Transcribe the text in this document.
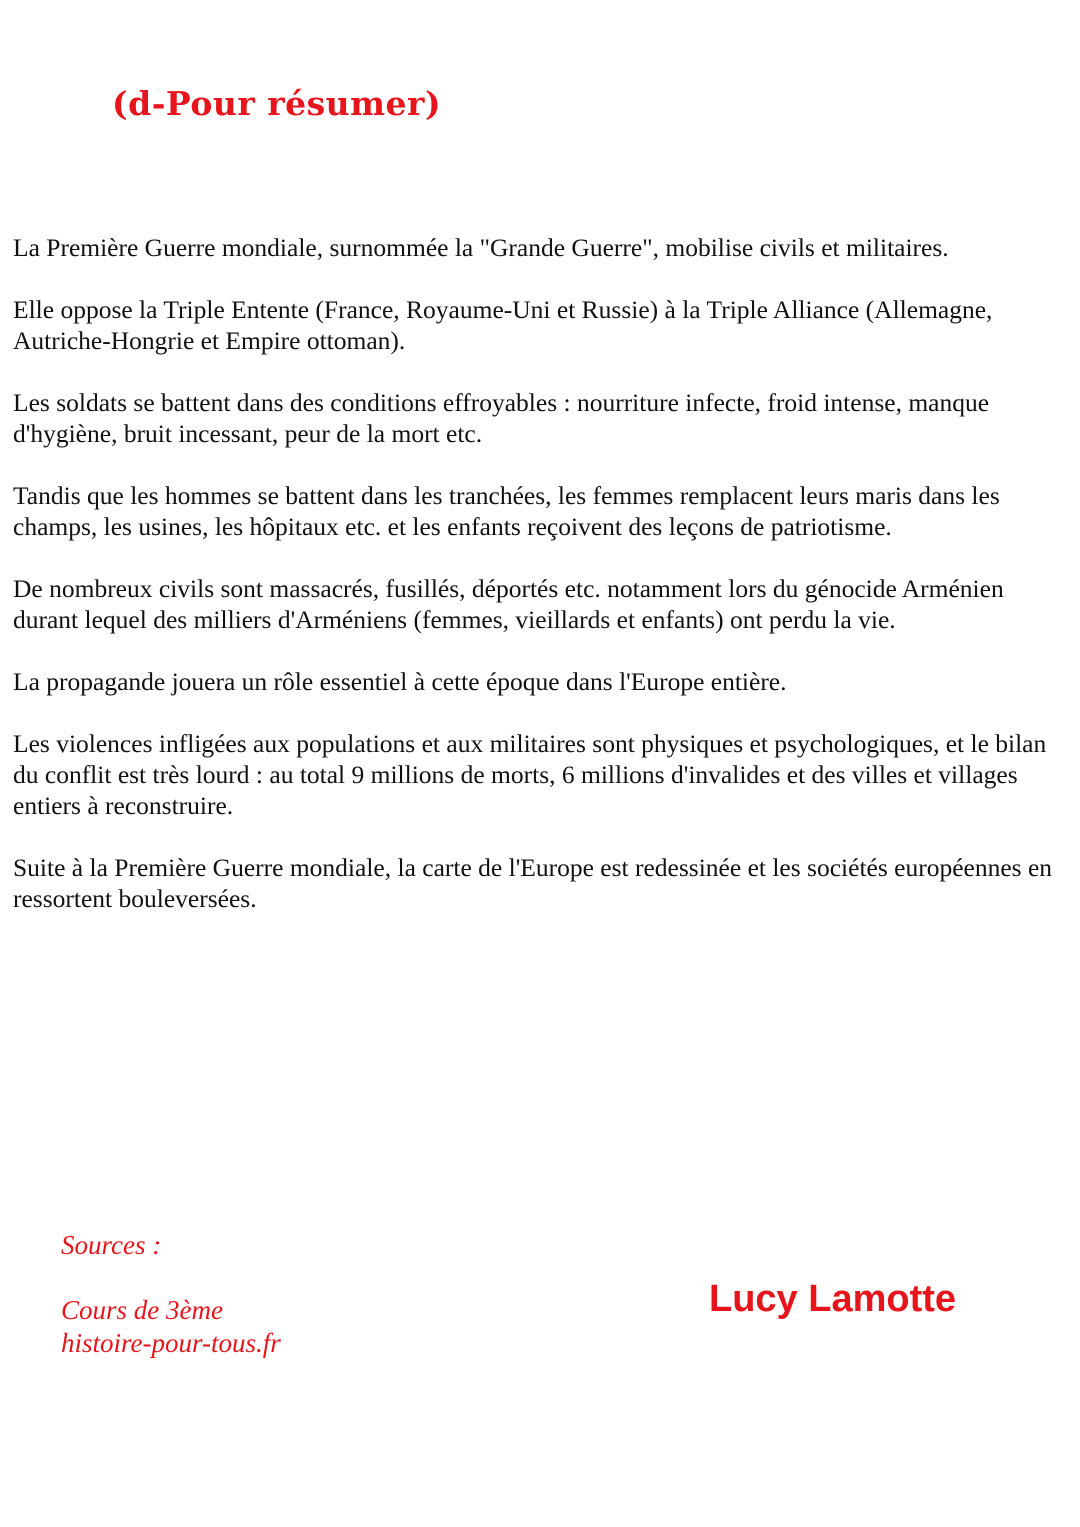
(d-Pour résumer)

La Première Guerre mondiale, surnommée la "Grande Guerre", mobilise civils et militaires.

Elle oppose la Triple Entente (France, Royaume-Uni et Russie) à la Triple Alliance (Allemagne, Autriche-Hongrie et Empire ottoman).

Les soldats se battent dans des conditions effroyables : nourriture infecte, froid intense, manque d'hygiène, bruit incessant, peur de la mort etc.

Tandis que les hommes se battent dans les tranchées, les femmes remplacent leurs maris dans les champs, les usines, les hôpitaux etc. et les enfants reçoivent des leçons de patriotisme.

De nombreux civils sont massacrés, fusillés, déportés etc. notamment lors du génocide Arménien durant lequel des milliers d'Arméniens (femmes, vieillards et enfants) ont perdu la vie.

La propagande jouera un rôle essentiel à cette époque dans l'Europe entière.

Les violences infligées aux populations et aux militaires sont physiques et psychologiques, et le bilan du conflit est très lourd : au total 9 millions de morts, 6 millions d'invalides et des villes et villages entiers à reconstruire.

Suite à la Première Guerre mondiale, la carte de l'Europe est redessinée et les sociétés européennes en ressortent bouleversées.

Sources :

Cours de 3ème
histoire-pour-tous.fr

Lucy Lamotte
